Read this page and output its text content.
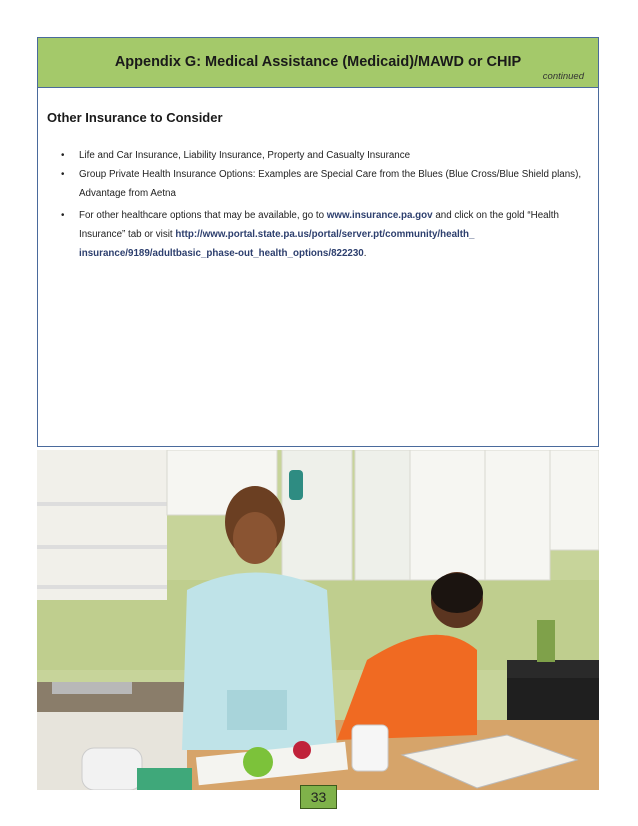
Appendix G: Medical Assistance (Medicaid)/MAWD or CHIP
continued
Other Insurance to Consider
• Life and Car Insurance, Liability Insurance, Property and Casualty Insurance
• Group Private Health Insurance Options: Examples are Special Care from the Blues (Blue Cross/Blue Shield plans), Advantage from Aetna
• For other healthcare options that may be available, go to www.insurance.pa.gov and click on the gold “Health Insurance” tab or visit http://www.portal.state.pa.us/portal/server.pt/community/health_ insurance/9189/adultbasic_phase-out_health_options/822230.
33
